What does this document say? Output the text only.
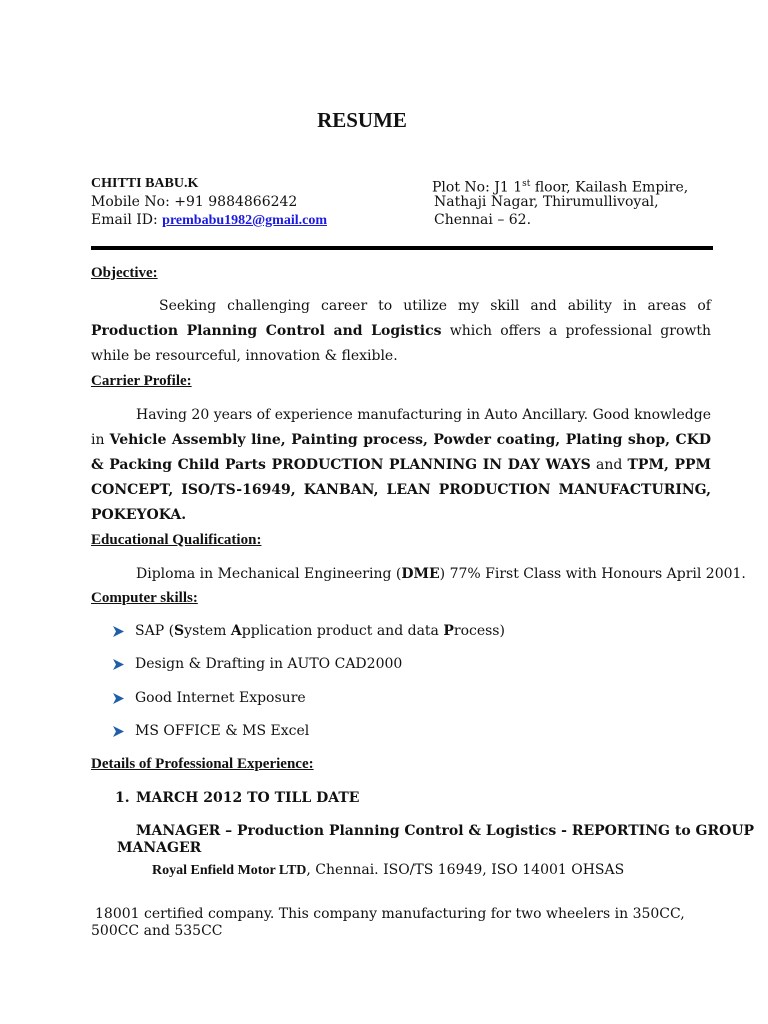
RESUME
CHITTI BABU.K
Mobile No: +91 9884866242
Email ID: prembabu1982@gmail.com
Plot No: J1 1st floor, Kailash Empire,
Nathaji Nagar, Thirumullivoyal,
Chennai – 62.
Objective:

Seeking challenging career to utilize my skill and ability in areas of Production Planning Control and Logistics which offers a professional growth while be resourceful, innovation & flexible.

Carrier Profile:

Having 20 years of experience manufacturing in Auto Ancillary. Good knowledge in Vehicle Assembly line, Painting process, Powder coating, Plating shop, CKD & Packing Child Parts PRODUCTION PLANNING IN DAY WAYS and TPM, PPM CONCEPT, ISO/TS-16949, KANBAN, LEAN PRODUCTION MANUFACTURING, POKEYOKA.

Educational Qualification:
Diploma in Mechanical Engineering (DME) 77% First Class with Honours April 2001.
Computer skills:
SAP (System Application product and data Process)
Design & Drafting in AUTO CAD2000
Good Internet Exposure
MS OFFICE & MS Excel
Details of Professional Experience:
1. MARCH 2012 TO TILL DATE
MANAGER – Production Planning Control & Logistics - REPORTING to GROUP
MANAGER
Royal Enfield Motor LTD, Chennai. ISO/TS 16949, ISO 14001 OHSAS
18001 certified company. This company manufacturing for two wheelers in 350CC,
500CC and 535CC
